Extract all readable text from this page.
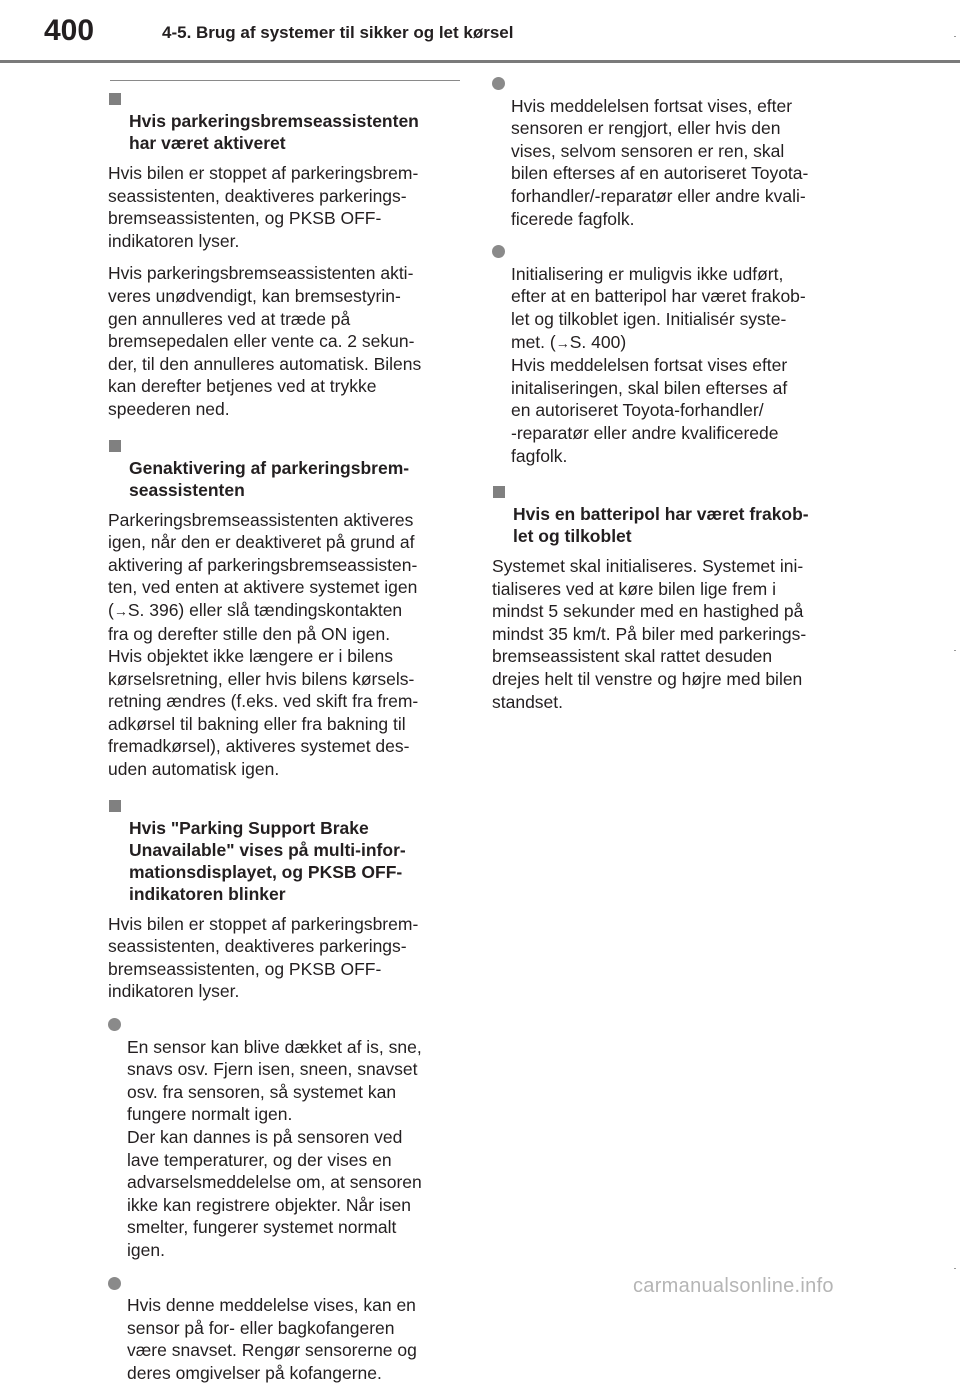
400	4-5. Brug af systemer til sikker og let kørsel

Hvis parkeringsbremseassistenten
har været aktiveret

Hvis bilen er stoppet af parkeringsbrem-
seassistenten, deaktiveres parkerings-
bremseassistenten, og PKSB OFF-
indikatoren lyser.
Hvis parkeringsbremseassistenten akti-
veres unødvendigt, kan bremsestyrin-
gen annulleres ved at træde på
bremsepedalen eller vente ca. 2 sekun-
der, til den annulleres automatisk. Bilens
kan derefter betjenes ved at trykke
speederen ned.

Genaktivering af parkeringsbrem-
seassistenten

Parkeringsbremseassistenten aktiveres
igen, når den er deaktiveret på grund af
aktivering af parkeringsbremseassisten-
ten, ved enten at aktivere systemet igen
(→S. 396) eller slå tændingskontakten
fra og derefter stille den på ON igen.
Hvis objektet ikke længere er i bilens
kørselsretning, eller hvis bilens kørsels-
retning ændres (f.eks. ved skift fra frem-
adkørsel til bakning eller fra bakning til
fremadkørsel), aktiveres systemet des-
uden automatisk igen.

Hvis "Parking Support Brake
Unavailable" vises på multi-infor-
mationsdisplayet, og PKSB OFF-
indikatoren blinker

Hvis bilen er stoppet af parkeringsbrem-
seassistenten, deaktiveres parkerings-
bremseassistenten, og PKSB OFF-
indikatoren lyser.

En sensor kan blive dækket af is, sne,
snavs osv. Fjern isen, sneen, snavset
osv. fra sensoren, så systemet kan
fungere normalt igen.
Der kan dannes is på sensoren ved
lave temperaturer, og der vises en
advarselsmeddelelse om, at sensoren
ikke kan registrere objekter. Når isen
smelter, fungerer systemet normalt
igen.

Hvis denne meddelelse vises, kan en
sensor på for- eller bagkofangeren
være snavset. Rengør sensorerne og
deres omgivelser på kofangerne.

Hvis meddelelsen fortsat vises, efter
sensoren er rengjort, eller hvis den
vises, selvom sensoren er ren, skal
bilen efterses af en autoriseret Toyota-
forhandler/-reparatør eller andre kvali-
ficerede fagfolk.

Initialisering er muligvis ikke udført,
efter at en batteripol har været frakob-
let og tilkoblet igen. Initialisér syste-
met. (→S. 400)
Hvis meddelelsen fortsat vises efter
initaliseringen, skal bilen efterses af
en autoriseret Toyota-forhandler/
-reparatør eller andre kvalificerede
fagfolk.

Hvis en batteripol har været frakob-
let og tilkoblet

Systemet skal initialiseres. Systemet ini-
tialiseres ved at køre bilen lige frem i
mindst 5 sekunder med en hastighed på
mindst 35 km/t. På biler med parkerings-
bremseassistent skal rattet desuden
drejes helt til venstre og højre med bilen
standset.
carmanualsonline.info
